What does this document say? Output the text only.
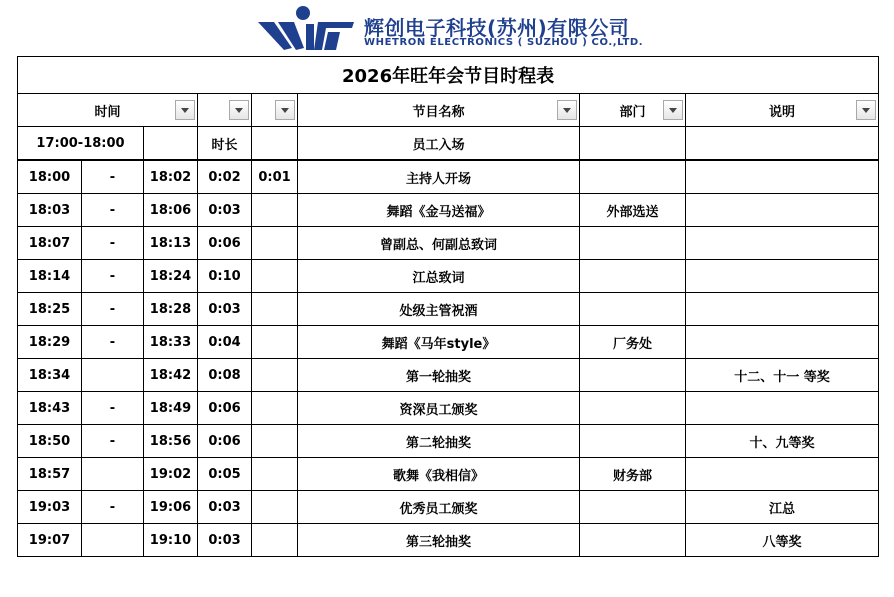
辉创电子科技(苏州)有限公司
WHETRON ELECTRONICS ( SUZHOU ) CO.,LTD.
2026年旺年会节目时程表							
时间					节目名称	部门	说明

17:00-18:00			时长		员工入场		
18:00	-	18:02	0:02	0:01	主持人开场		
18:03	-	18:06	0:03		舞蹈《金马送福》	外部选送	
18:07	-	18:13	0:06		曾副总、何副总致词		
18:14	-	18:24	0:10		江总致词		
18:25	-	18:28	0:03		处级主管祝酒		
18:29	-	18:33	0:04		舞蹈《马年style》	厂务处	
18:34		18:42	0:08		第一轮抽奖		十二、十一 等奖
18:43	-	18:49	0:06		资深员工颁奖		
18:50	-	18:56	0:06		第二轮抽奖		十、九等奖
18:57		19:02	0:05		歌舞《我相信》	财务部	
19:03	-	19:06	0:03		优秀员工颁奖		江总
19:07		19:10	0:03		第三轮抽奖		八等奖
